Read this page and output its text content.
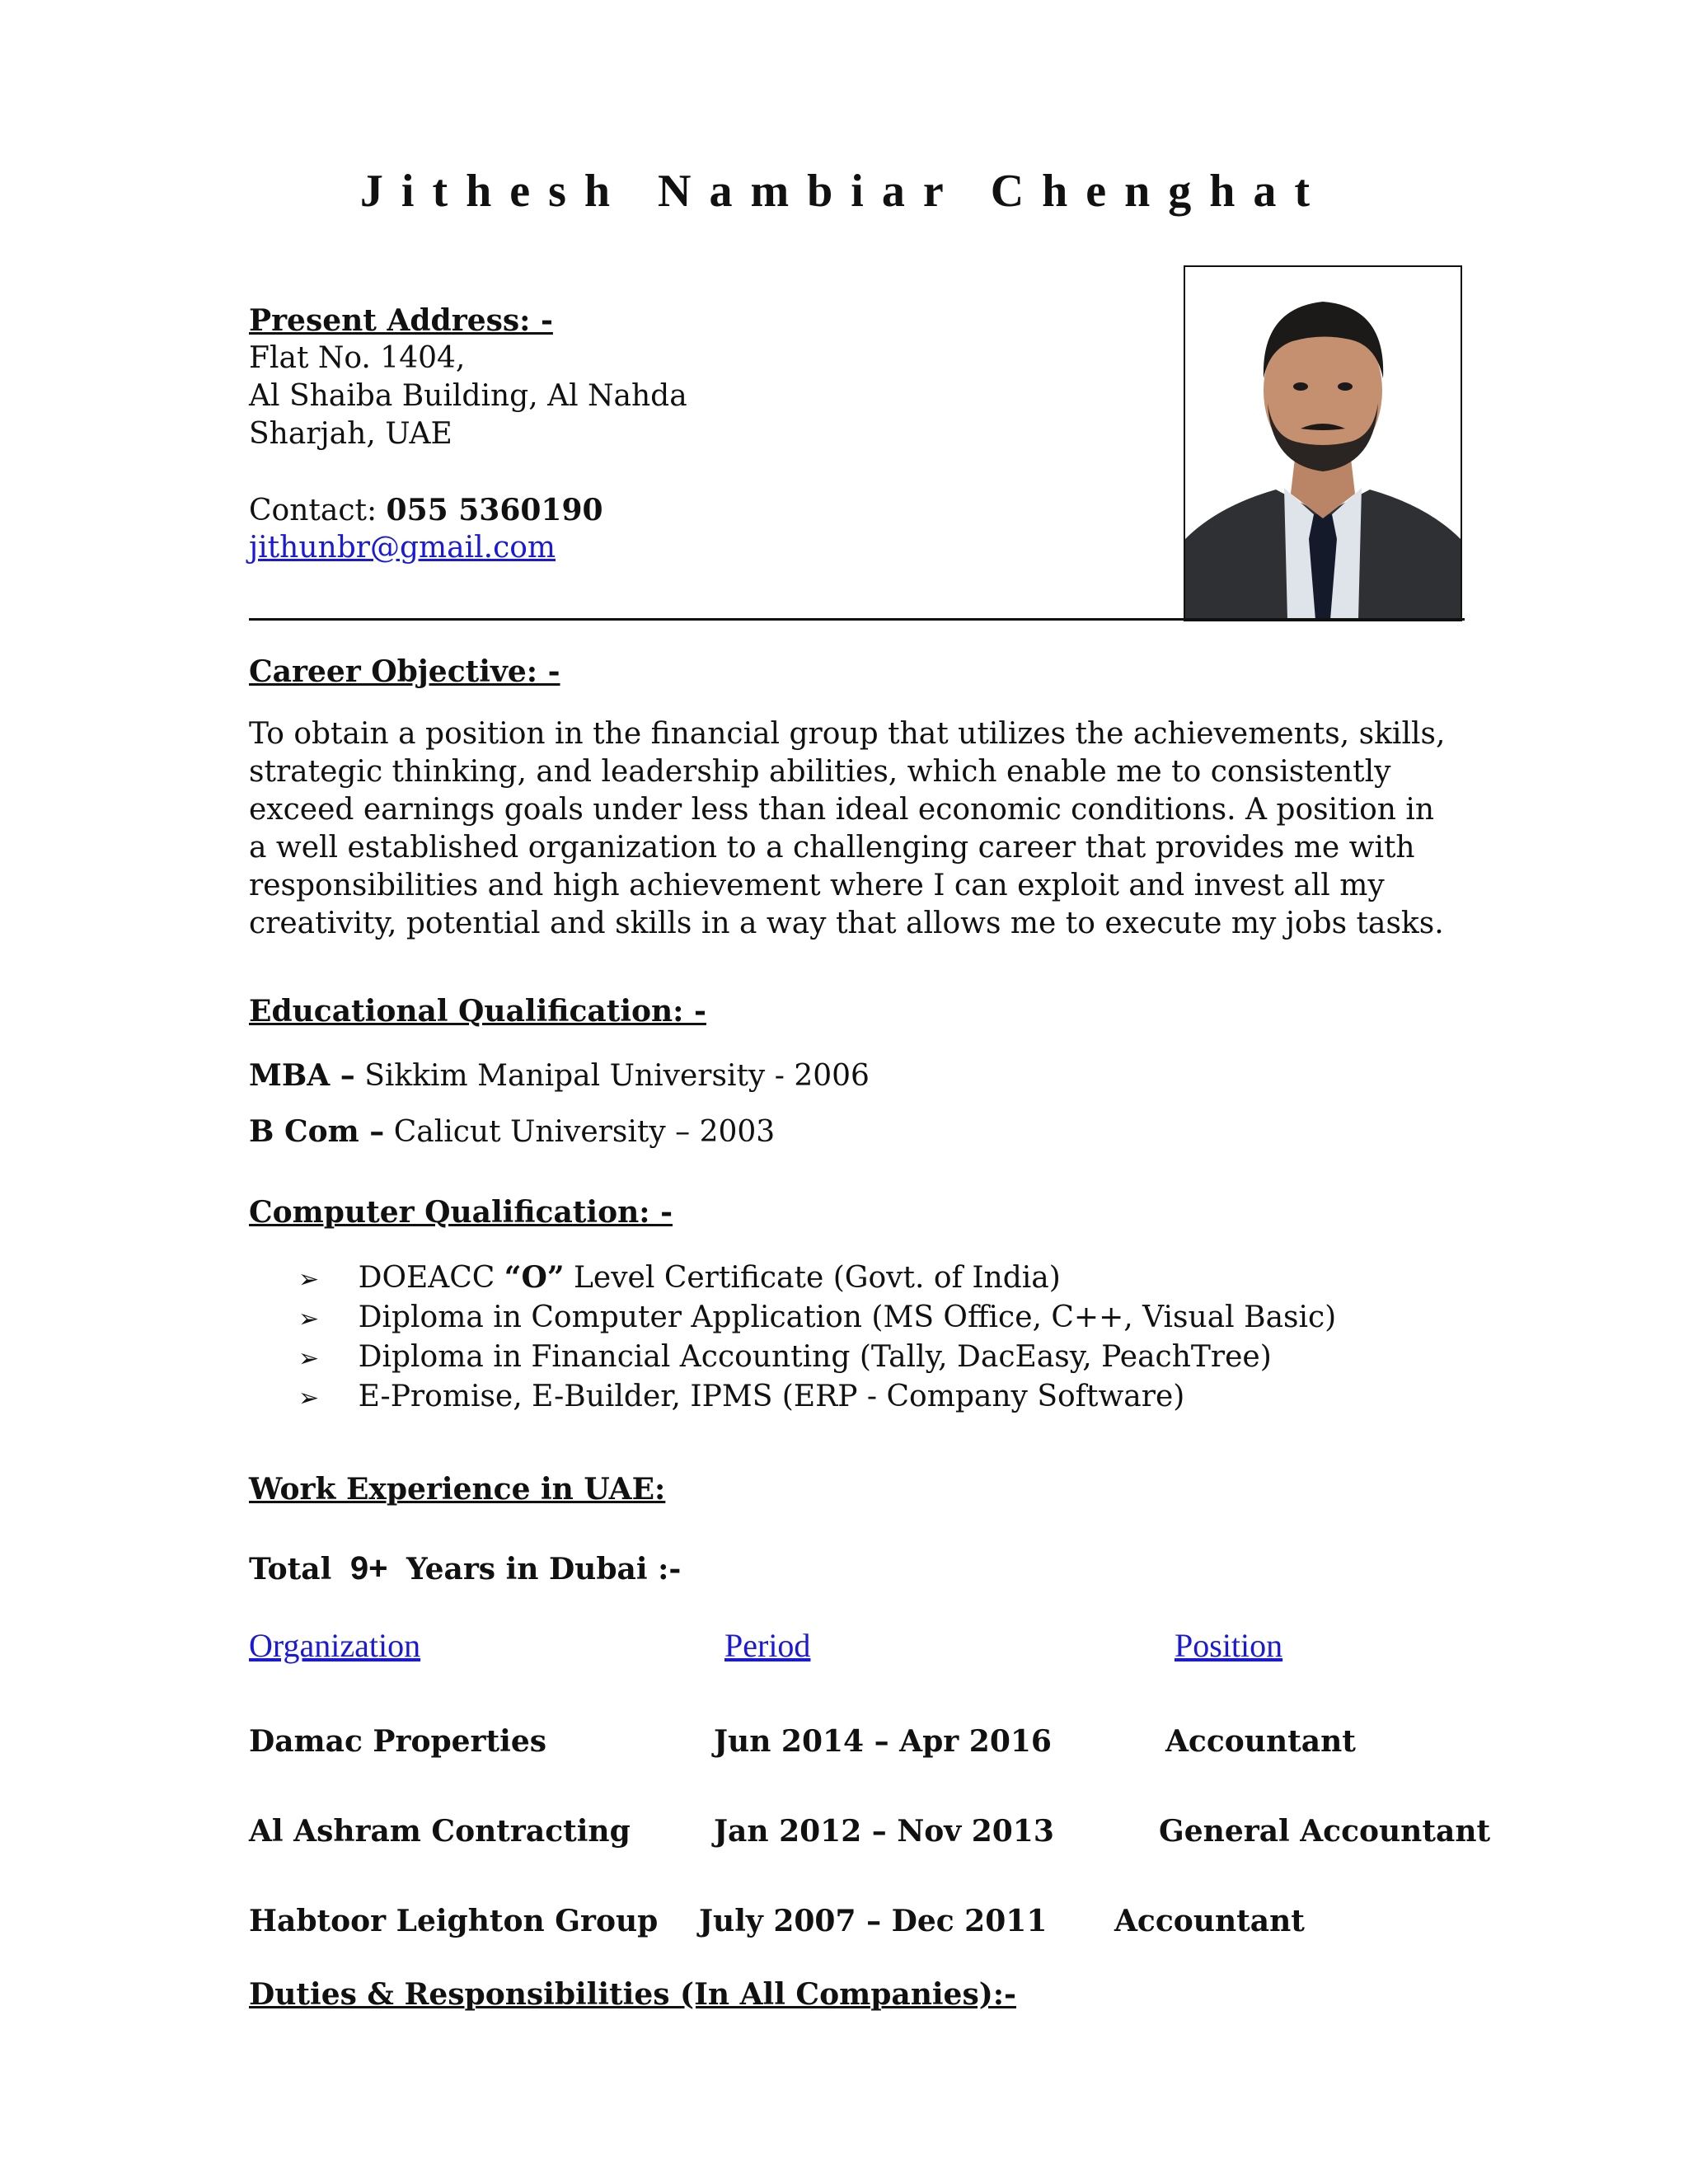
Jithesh Nambiar Chenghat
Present Address: -
Flat No. 1404,
Al Shaiba Building, Al Nahda
Sharjah, UAE
Contact: 055 5360190
jithunbr@gmail.com
Career Objective: -
To obtain a position in the financial group that utilizes the achievements, skills, strategic thinking, and leadership abilities, which enable me to consistently exceed earnings goals under less than ideal economic conditions. A position in a well established organization to a challenging career that provides me with responsibilities and high achievement where I can exploit and invest all my creativity, potential and skills in a way that allows me to execute my jobs tasks.
Educational Qualification: -
MBA – Sikkim Manipal University - 2006
B Com – Calicut University – 2003
Computer Qualification: -
➢ DOEACC “O” Level Certificate (Govt. of India)
➢ Diploma in Computer Application (MS Office, C++, Visual Basic)
➢ Diploma in Financial Accounting (Tally, DacEasy, PeachTree)
➢ E-Promise, E-Builder, IPMS (ERP - Company Software)
Work Experience in UAE:
Total 9+ Years in Dubai :-
Organization	Period	Position
Damac Properties	Jun 2014 – Apr 2016	Accountant
Al Ashram Contracting	Jan 2012 – Nov 2013	General Accountant
Habtoor Leighton Group July 2007 – Dec 2011 Accountant
Duties & Responsibilities (In All Companies):-
